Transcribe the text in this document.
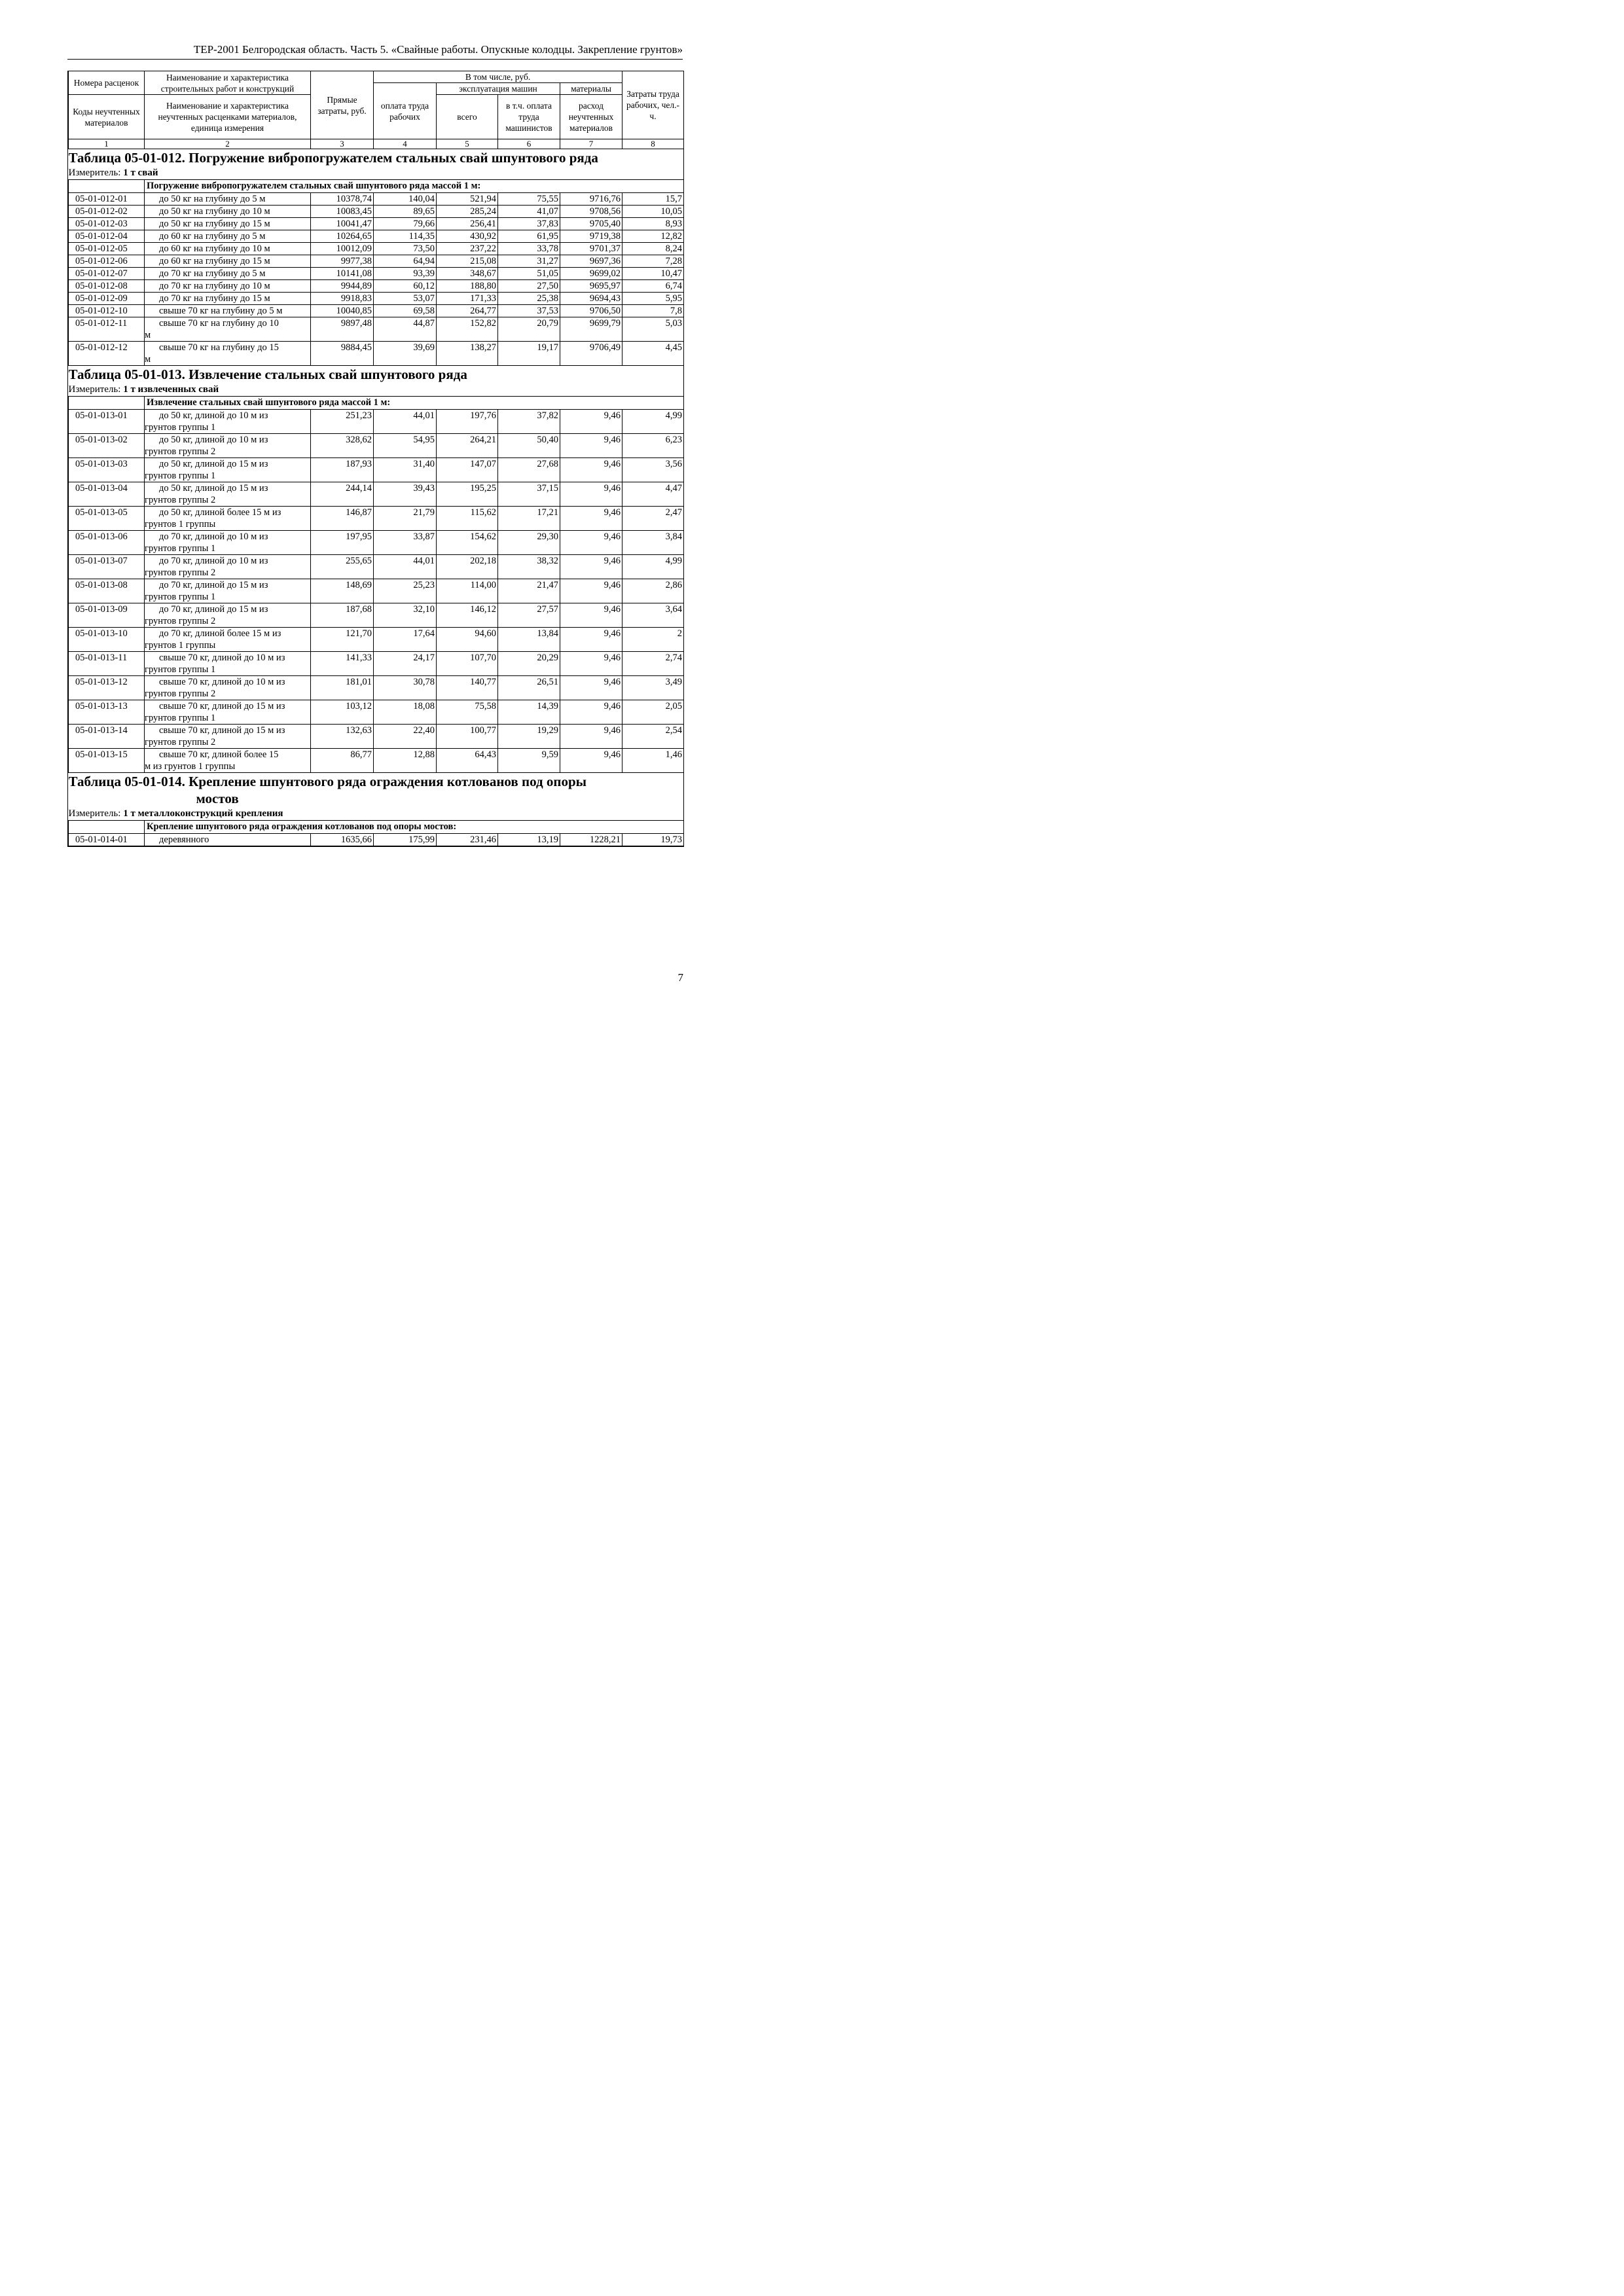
ТЕР-2001 Белгородская область. Часть 5. «Свайные работы. Опускные колодцы. Закрепление грунтов»
Номера расценок	Наименование и характеристика строительных работ и конструкций	Прямые затраты, руб.	В том числе, руб.				Затраты труда рабочих, чел.-ч.
			оплата труда рабочих	эксплуатация машин		материалы	
Коды неучтенных материалов	Наименование и характеристика неучтенных расценками материалов, единица измерения			всего	в т.ч. оплата труда машинистов	расход неучтенных материалов	

1	2	3	4	5	6	7	8
Таблица 05-01-012. Погружение вибропогружателем стальных свай шпунтового ряда							
Измеритель: 1 т свай							
	Погружение вибропогружателем стальных свай шпунтового ряда массой 1 м:						
05-01-012-01	до 50 кг на глубину до 5 м	10378,74	140,04	521,94	75,55	9716,76	15,7
05-01-012-02	до 50 кг на глубину до 10 м	10083,45	89,65	285,24	41,07	9708,56	10,05
05-01-012-03	до 50 кг на глубину до 15 м	10041,47	79,66	256,41	37,83	9705,40	8,93
05-01-012-04	до 60 кг на глубину до 5 м	10264,65	114,35	430,92	61,95	9719,38	12,82
05-01-012-05	до 60 кг на глубину до 10 м	10012,09	73,50	237,22	33,78	9701,37	8,24
05-01-012-06	до 60 кг на глубину до 15 м	9977,38	64,94	215,08	31,27	9697,36	7,28
05-01-012-07	до 70 кг на глубину до 5 м	10141,08	93,39	348,67	51,05	9699,02	10,47
05-01-012-08	до 70 кг на глубину до 10 м	9944,89	60,12	188,80	27,50	9695,97	6,74
05-01-012-09	до 70 кг на глубину до 15 м	9918,83	53,07	171,33	25,38	9694,43	5,95
05-01-012-10	свыше 70 кг на глубину до 5 м	10040,85	69,58	264,77	37,53	9706,50	7,8
05-01-012-11	свыше 70 кг на глубину до 10
м	9897,48	44,87	152,82	20,79	9699,79	5,03
05-01-012-12	свыше 70 кг на глубину до 15
м	9884,45	39,69	138,27	19,17	9706,49	4,45
Таблица 05-01-013. Извлечение стальных свай шпунтового ряда							
Измеритель: 1 т извлеченных свай							
	Извлечение стальных свай шпунтового ряда массой 1 м:						
05-01-013-01	до 50 кг, длиной до 10 м из
грунтов группы 1	251,23	44,01	197,76	37,82	9,46	4,99
05-01-013-02	до 50 кг, длиной до 10 м из
грунтов группы 2	328,62	54,95	264,21	50,40	9,46	6,23
05-01-013-03	до 50 кг, длиной до 15 м из
грунтов группы 1	187,93	31,40	147,07	27,68	9,46	3,56
05-01-013-04	до 50 кг, длиной до 15 м из
грунтов группы 2	244,14	39,43	195,25	37,15	9,46	4,47
05-01-013-05	до 50 кг, длиной более 15 м из
грунтов 1 группы	146,87	21,79	115,62	17,21	9,46	2,47
05-01-013-06	до 70 кг, длиной до 10 м из
грунтов группы 1	197,95	33,87	154,62	29,30	9,46	3,84
05-01-013-07	до 70 кг, длиной до 10 м из
грунтов группы 2	255,65	44,01	202,18	38,32	9,46	4,99
05-01-013-08	до 70 кг, длиной до 15 м из
грунтов группы 1	148,69	25,23	114,00	21,47	9,46	2,86
05-01-013-09	до 70 кг, длиной до 15 м из
грунтов группы 2	187,68	32,10	146,12	27,57	9,46	3,64
05-01-013-10	до 70 кг, длиной более 15 м из
грунтов 1 группы	121,70	17,64	94,60	13,84	9,46	2
05-01-013-11	свыше 70 кг, длиной до 10 м из
грунтов группы 1	141,33	24,17	107,70	20,29	9,46	2,74
05-01-013-12	свыше 70 кг, длиной до 10 м из
грунтов группы 2	181,01	30,78	140,77	26,51	9,46	3,49
05-01-013-13	свыше 70 кг, длиной до 15 м из
грунтов группы 1	103,12	18,08	75,58	14,39	9,46	2,05
05-01-013-14	свыше 70 кг, длиной до 15 м из
грунтов группы 2	132,63	22,40	100,77	19,29	9,46	2,54
05-01-013-15	свыше 70 кг, длиной более 15
м из грунтов 1 группы	86,77	12,88	64,43	9,59	9,46	1,46
Таблица 05-01-014. Крепление шпунтового ряда ограждения котлованов под опоры
мостов							

Измеритель: 1 т металлоконструкций крепления							
	Крепление шпунтового ряда ограждения котлованов под опоры мостов:						
05-01-014-01	деревянного	1635,66	175,99	231,46	13,19	1228,21	19,73
7
